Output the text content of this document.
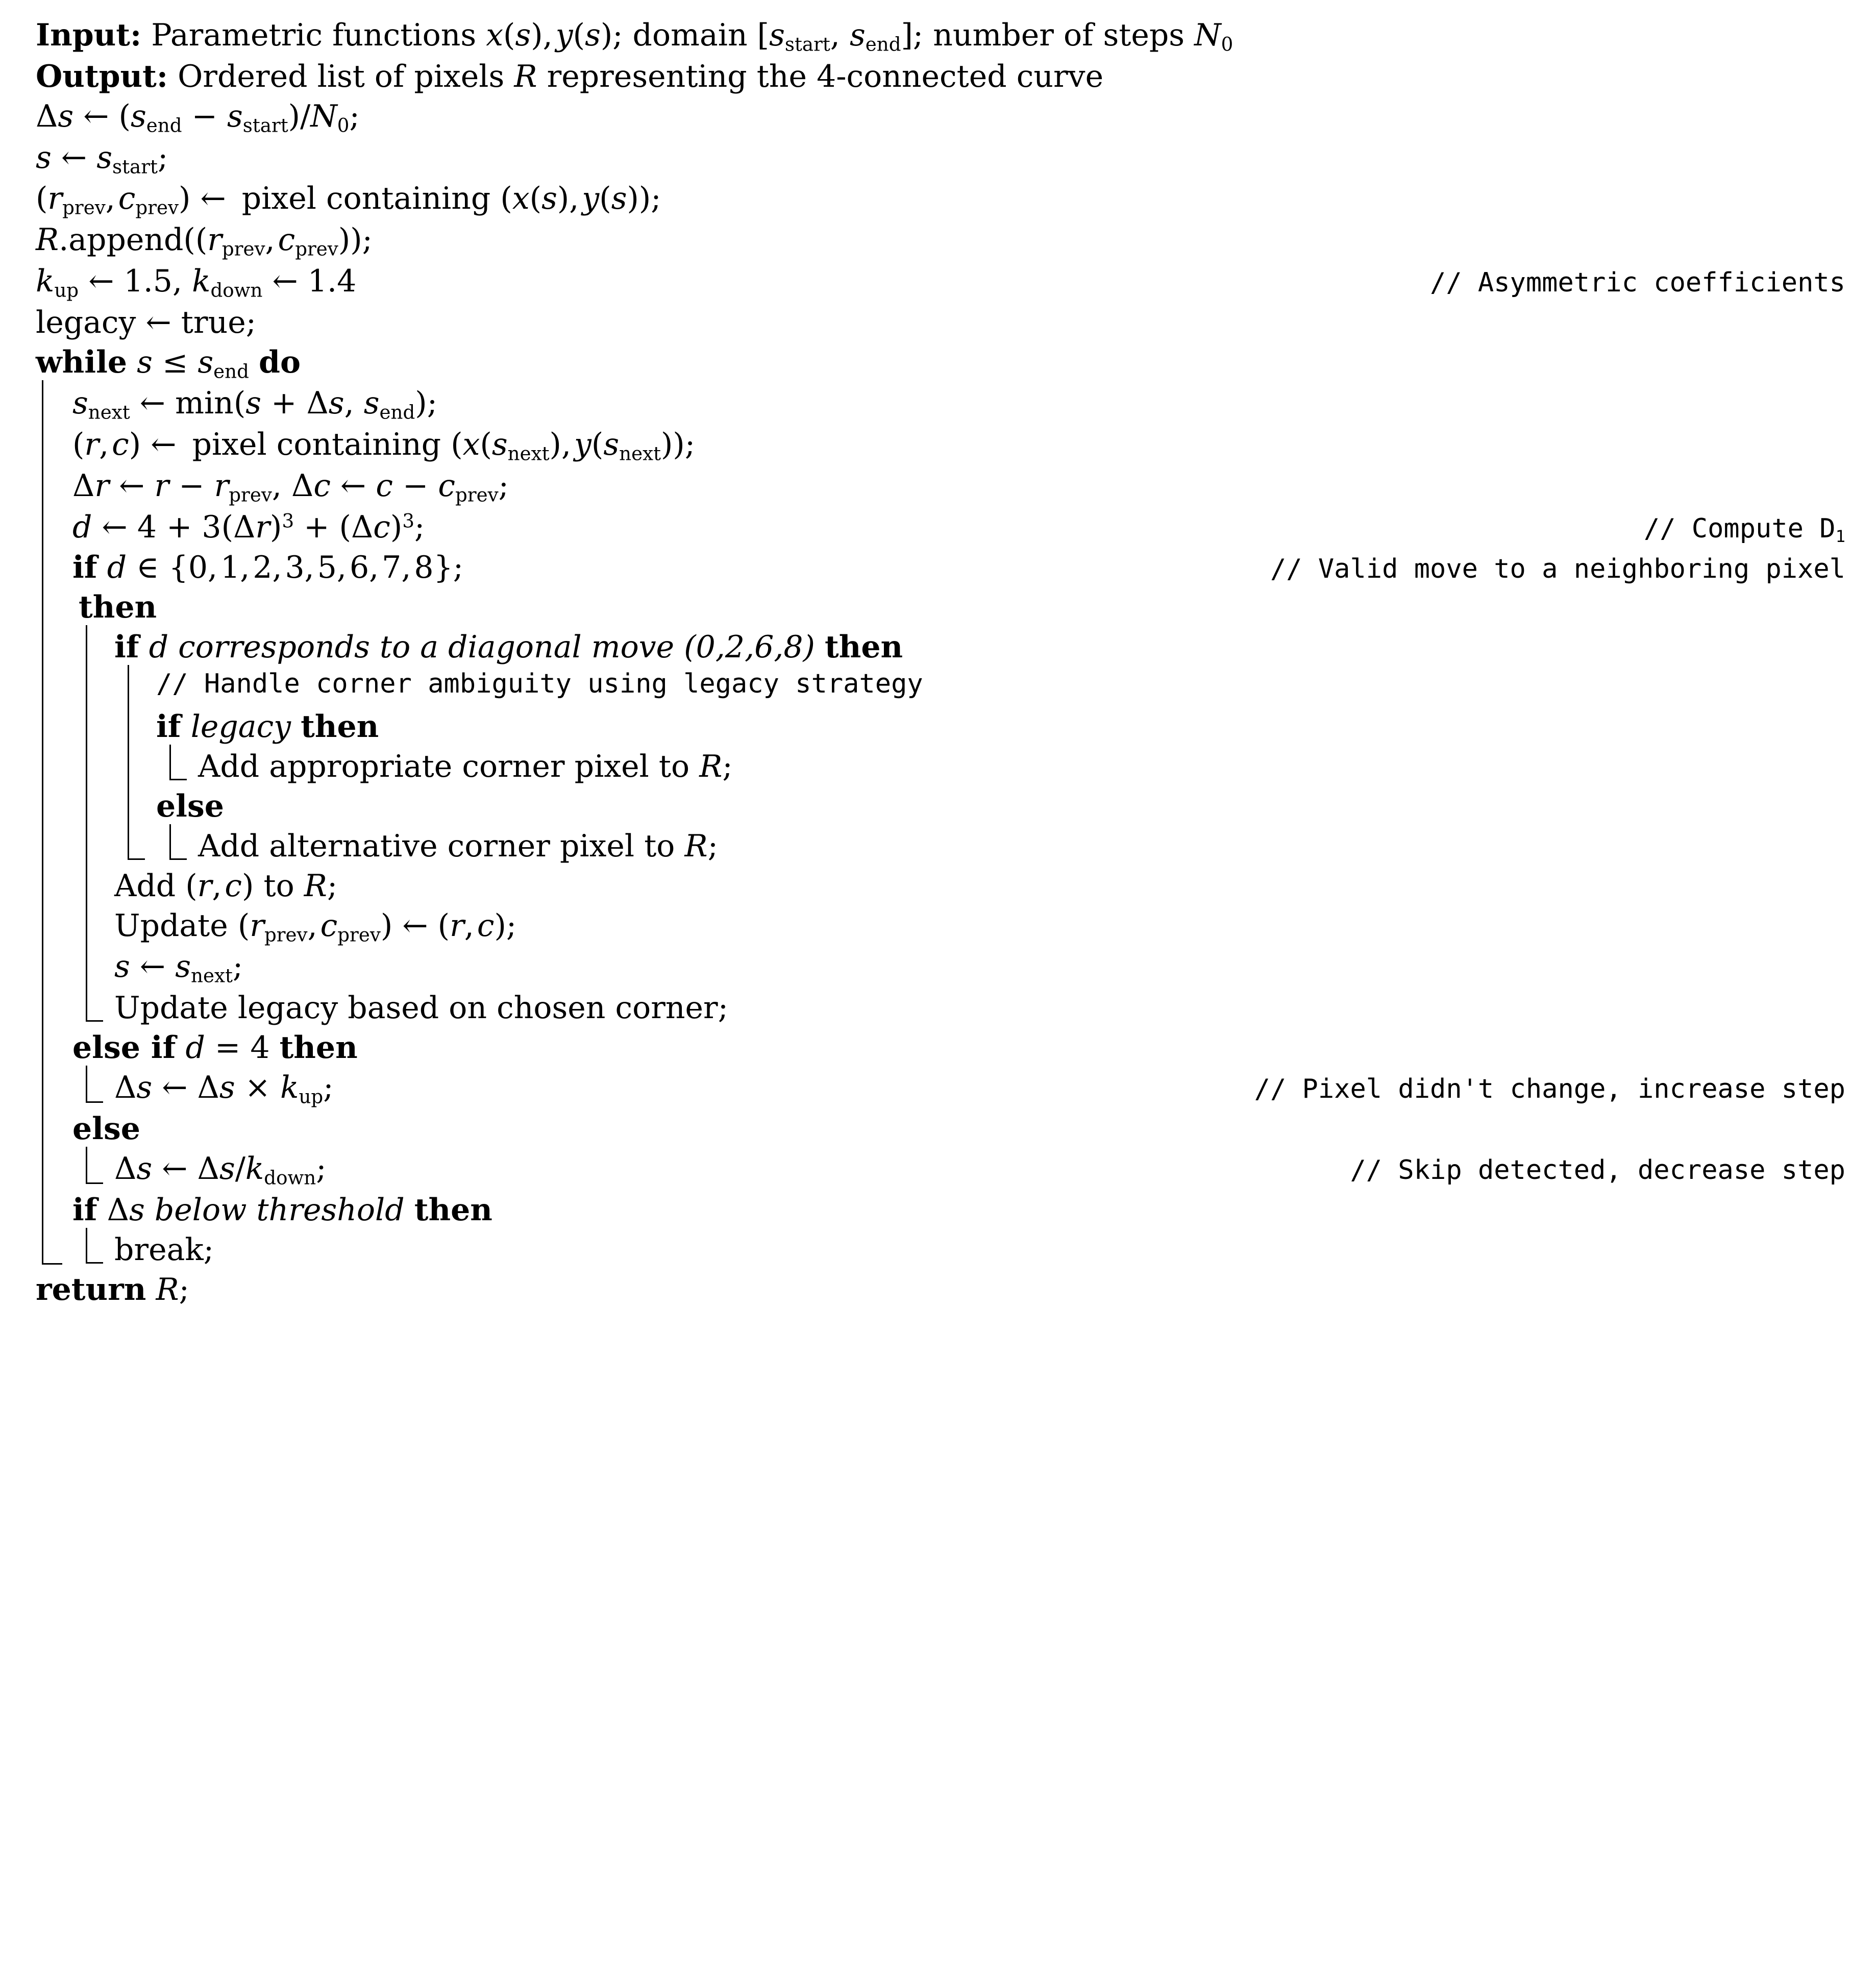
Input: Parametric functions x(s), y(s); domain [$s_{start}$, $s_{end}$]; number of steps $N_0$
Output: Ordered list of pixels R representing the 4-connected curve
Δs ← $(s_{end} - s_{start})/N_0$;
s ← $s_{start}$;
($r_{prev}$, $c_{prev}$) ←  pixel containing (x(s), y(s));
$R.append((r_{prev}$, $c_{prev}$));
$k_{up}$ ← 1.5, $k_{down}$ ← 1.4	// Asymmetric coefficients
legacy ← true;
while $s \le s_{end}$ do
$s_{next}$ ← min(s + Δs, $s_{end}$);
(r, c) ←  pixel containing ($x(s_{next})$, $y(s_{next})$);
Δr ← $r - r_{prev}$, Δc ← $c - c_{prev}$;
d ← $4 + 3(\Delta r)^3 + (\Delta c)^3$;	// Compute $D_1$
if d ∈ {0, 1, 2, 3, 5, 6, 7, 8};	// Valid move to a neighboring pixel
 then
if d corresponds to a diagonal move (0,2,6,8) then
// Handle corner ambiguity using legacy strategy
if legacy then
Add appropriate corner pixel to R;
else
Add alternative corner pixel to R;
Add (r, c) to R;
Update ($r_{prev}$, $c_{prev}$) ← (r, c);
s ← $s_{next}$;
Update legacy based on chosen corner;
else if d = 4 then
Δs ← $\Delta s \times k_{up}$;	// Pixel didn't change, increase step
else
Δs ← $\Delta s/k_{down}$;	// Skip detected, decrease step
if Δs below threshold then
break;
return R;
